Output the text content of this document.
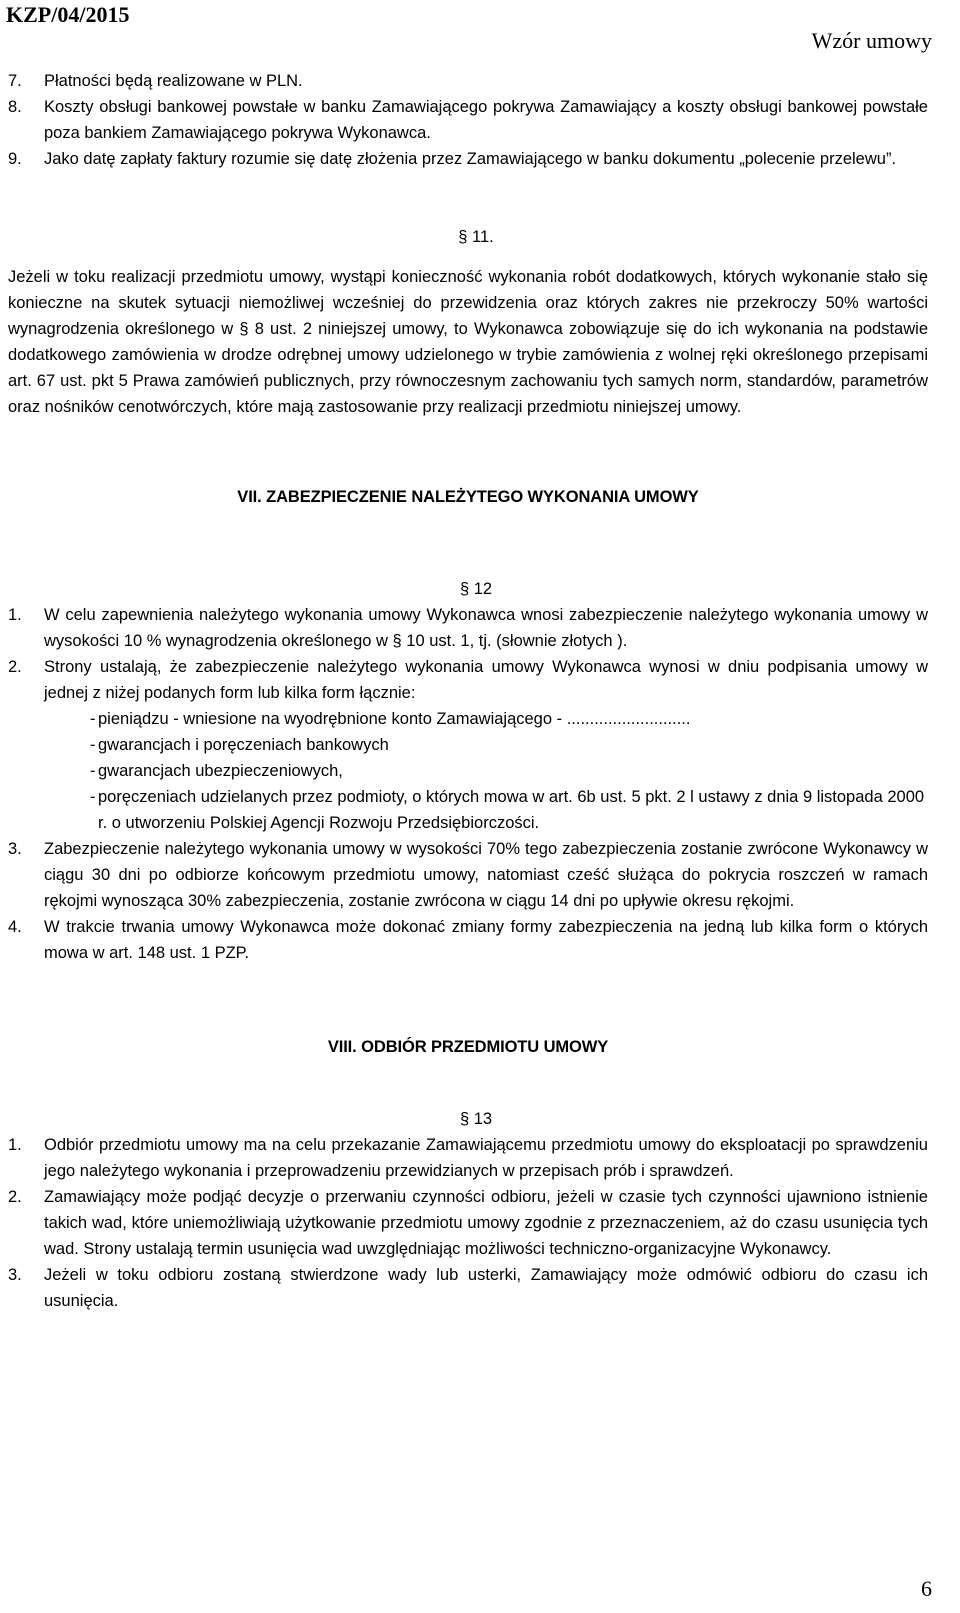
KZP/04/2015
Wzór umowy
7.	Płatności będą realizowane w PLN.
8.	Koszty obsługi bankowej powstałe w banku Zamawiającego pokrywa Zamawiający a koszty obsługi bankowej powstałe poza bankiem Zamawiającego pokrywa Wykonawca.
9.	Jako datę zapłaty faktury rozumie się datę złożenia przez Zamawiającego w banku dokumentu „polecenie przelewu”.
§ 11.
Jeżeli w toku realizacji przedmiotu umowy, wystąpi konieczność wykonania robót dodatkowych, których wykonanie stało się konieczne na skutek sytuacji niemożliwej wcześniej do przewidzenia oraz których zakres nie przekroczy 50% wartości wynagrodzenia określonego w § 8 ust. 2 niniejszej umowy, to Wykonawca zobowiązuje się do ich wykonania na podstawie dodatkowego zamówienia w drodze odrębnej umowy udzielonego w trybie zamówienia z wolnej ręki określonego przepisami art. 67 ust. pkt 5 Prawa zamówień publicznych, przy równoczesnym zachowaniu tych samych norm, standardów, parametrów oraz nośników cenotwórczych, które mają zastosowanie przy realizacji przedmiotu niniejszej umowy.
VII. ZABEZPIECZENIE NALEŻYTEGO WYKONANIA UMOWY
§ 12
1.	W celu zapewnienia należytego wykonania umowy Wykonawca wnosi zabezpieczenie należytego wykonania umowy w wysokości 10 % wynagrodzenia określonego w § 10 ust. 1, tj. (słownie złotych ).
2.	Strony ustalają, że zabezpieczenie należytego wykonania umowy Wykonawca wynosi w dniu podpisania umowy w jednej z niżej podanych form lub kilka form łącznie:
- pieniądzu - wniesione na wyodrębnione konto Zamawiającego - ...........................
- gwarancjach i poręczeniach bankowych
- gwarancjach ubezpieczeniowych,
- poręczeniach udzielanych przez podmioty, o których mowa w art. 6b ust. 5 pkt. 2 l ustawy z dnia 9 listopada 2000 r. o utworzeniu Polskiej Agencji Rozwoju Przedsiębiorczości.
3.	Zabezpieczenie należytego wykonania umowy w wysokości 70% tego zabezpieczenia zostanie zwrócone Wykonawcy w ciągu 30 dni po odbiorze końcowym przedmiotu umowy, natomiast cześć służąca do pokrycia roszczeń w ramach rękojmi wynosząca 30% zabezpieczenia, zostanie zwrócona w ciągu 14 dni po upływie okresu rękojmi.
4.	W trakcie trwania umowy Wykonawca może dokonać zmiany formy zabezpieczenia na jedną lub kilka form o których mowa w art. 148 ust. 1 PZP.
VIII. ODBIÓR PRZEDMIOTU UMOWY
§ 13
1.	Odbiór przedmiotu umowy ma na celu przekazanie Zamawiającemu przedmiotu umowy do eksploatacji po sprawdzeniu jego należytego wykonania i przeprowadzeniu przewidzianych w przepisach prób i sprawdzeń.
2.	Zamawiający może podjąć decyzje o przerwaniu czynności odbioru, jeżeli w czasie tych czynności ujawniono istnienie takich wad, które uniemożliwiają użytkowanie przedmiotu umowy zgodnie z przeznaczeniem, aż do czasu usunięcia tych wad. Strony ustalają termin usunięcia wad uwzględniając możliwości techniczno-organizacyjne Wykonawcy.
3.	Jeżeli w toku odbioru zostaną stwierdzone wady lub usterki, Zamawiający może odmówić odbioru do czasu ich usunięcia.
6
